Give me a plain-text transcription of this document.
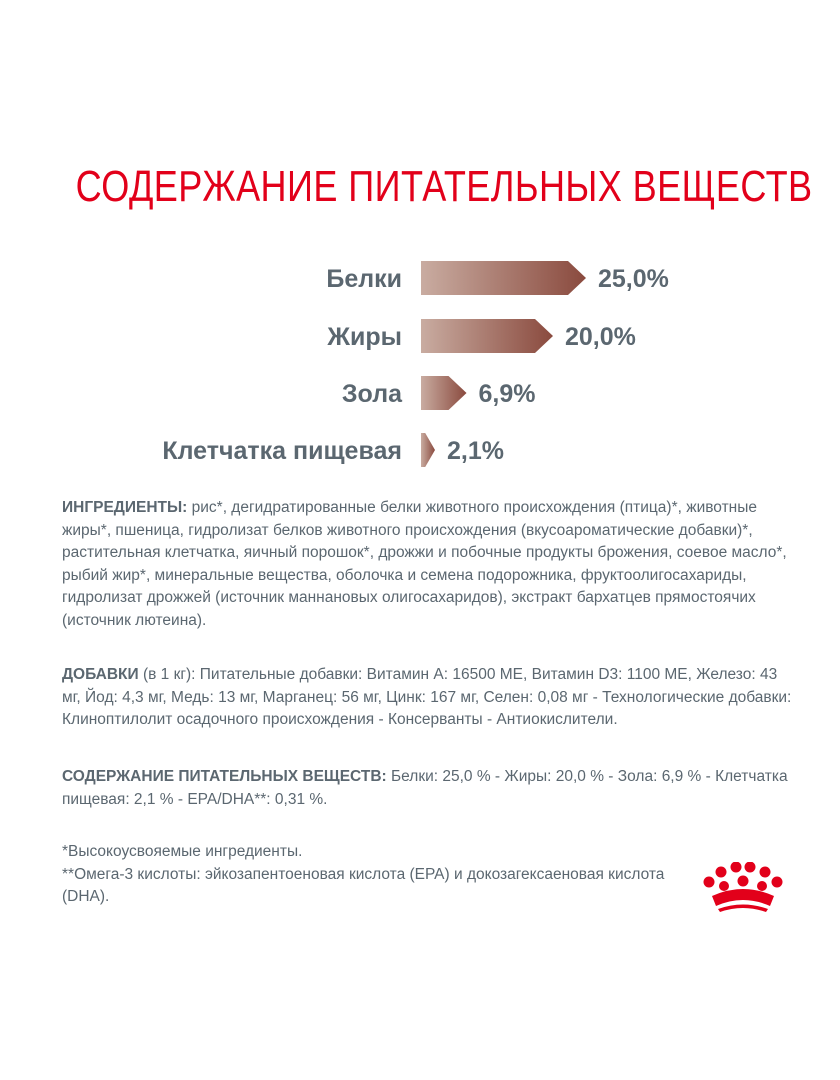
СОДЕРЖАНИЕ ПИТАТЕЛЬНЫХ ВЕЩЕСТВ
Белки	25,0%
Жиры	20,0%
Зола	6,9%
Клетчатка пищевая 2,1%
ИНГРЕДИЕНТЫ: рис*, дегидратированные белки животного происхождения (птица)*, животные жиры*, пшеница, гидролизат белков животного происхождения (вкусоароматические добавки)*, растительная клетчатка, яичный порошок*, дрожжи и побочные продукты брожения, соевое масло*, рыбий жир*, минеральные вещества, оболочка и семена подорожника, фруктоолигосахариды, гидролизат дрожжей (источник маннановых олигосахаридов), экстракт бархатцев прямостоячих (источник лютеина).
ДОБАВКИ (в 1 кг): Питательные добавки: Витамин А: 16500 МЕ, Витамин D3: 1100 МЕ, Железо: 43 мг, Йод: 4,3 мг, Медь: 13 мг, Марганец: 56 мг, Цинк: 167 мг, Селен: 0,08 мг - Технологические добавки: Клиноптилолит осадочного происхождения - Консерванты - Антиокислители.
СОДЕРЖАНИЕ ПИТАТЕЛЬНЫХ ВЕЩЕСТВ: Белки: 25,0 % - Жиры: 20,0 % - Зола: 6,9 % - Клетчатка пищевая: 2,1 % - EPA/DHA**: 0,31 %.
*Высокоусвояемые ингредиенты.
**Омега-3 кислоты: эйкозапентоеновая кислота (EPA) и докозагексаеновая кислота (DHA).
